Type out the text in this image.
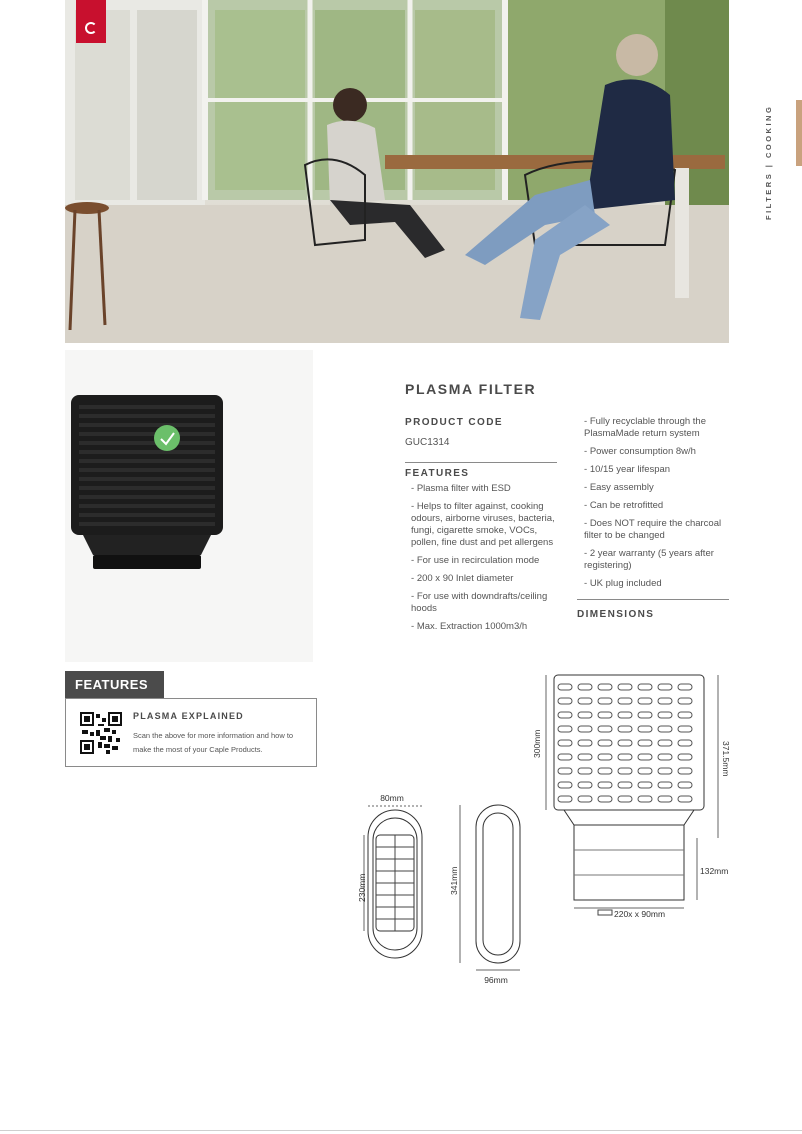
FILTERS | COOKING
PLASMA FILTER
PRODUCT CODE
GUC1314
FEATURES
- Plasma filter with ESD
- Helps to filter against, cooking odours, airborne viruses, bacteria, fungi, cigarette smoke, VOCs, pollen, fine dust and pet allergens
- For use in recirculation mode
- 200 x 90 Inlet diameter
- For use with downdrafts/ceiling hoods
- Max. Extraction 1000m3/h
- Fully recyclable through the PlasmaMade return system
- Power consumption 8w/h
- 10/15 year lifespan
- Easy assembly
- Can be retrofitted
- Does NOT require the charcoal filter to be changed
- 2 year warranty (5 years after registering)
- UK plug included
DIMENSIONS
FEATURES
PLASMA EXPLAINED
Scan the above for more information and how to make the most of your Caple Products.
80mm
230mm	341mm
96mm
300mm	371.5mm
132mm
220x x 90mm
